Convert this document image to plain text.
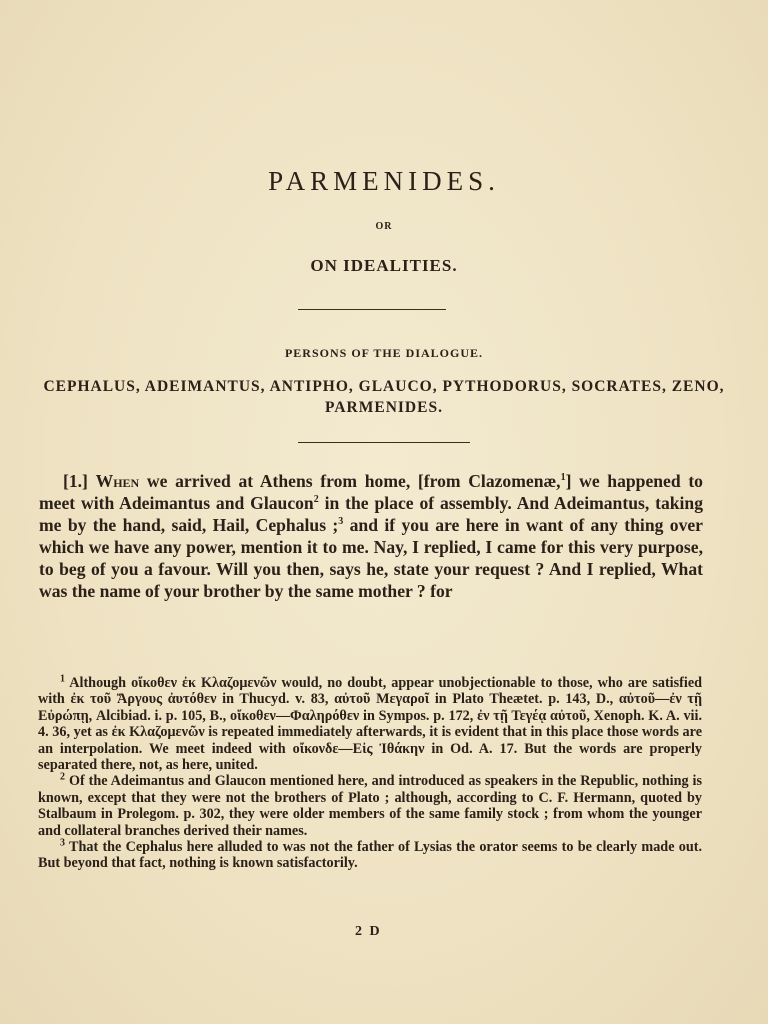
PARMENIDES.
OR
ON IDEALITIES.
PERSONS OF THE DIALOGUE.
CEPHALUS, ADEIMANTUS, ANTIPHO, GLAUCO, PYTHODORUS, SOCRATES, ZENO, PARMENIDES.
[1.] When we arrived at Athens from home, [from Clazomenæ,$^1$] we happened to meet with Adeimantus and Glaucon$^2$ in the place of assembly. And Adeimantus, taking me by the hand, said, Hail, Cephalus ;$^3$ and if you are here in want of any thing over which we have any power, mention it to me. Nay, I replied, I came for this very purpose, to beg of you a favour. Will you then, says he, state your request ? And I replied, What was the name of your brother by the same mother ? for

$^1$ Although οἴκοθεν ἐκ Κλαζομενῶν would, no doubt, appear unobjectionable to those, who are satisfied with ἐκ τοῦ Ἄργους ἀυτόθεν in Thucyd. v. 83, αὐτοῦ Μεγαροῖ in Plato Theætet. p. 143, D., αὐτοῦ—ἐν τῇ Εὐρώπῃ, Alcibiad. i. p. 105, B., οἴκοθεν—Φαληρόθεν in Sympos. p. 172, ἐν τῇ Τεγέᾳ αὐτοῦ, Xenoph. K. A. vii. 4. 36, yet as ἐκ Κλαζομενῶν is repeated immediately afterwards, it is evident that in this place those words are an interpolation. We meet indeed with οἴκονδε—Εἰς Ἰθάκην in Od. A. 17. But the words are properly separated there, not, as here, united.

$^2$ Of the Adeimantus and Glaucon mentioned here, and introduced as speakers in the Republic, nothing is known, except that they were not the brothers of Plato ; although, according to C. F. Hermann, quoted by Stalbaum in Prolegom. p. 302, they were older members of the same family stock ; from whom the younger and collateral branches derived their names.

$^3$ That the Cephalus here alluded to was not the father of Lysias the orator seems to be clearly made out. But beyond that fact, nothing is known satisfactorily.

2 D
